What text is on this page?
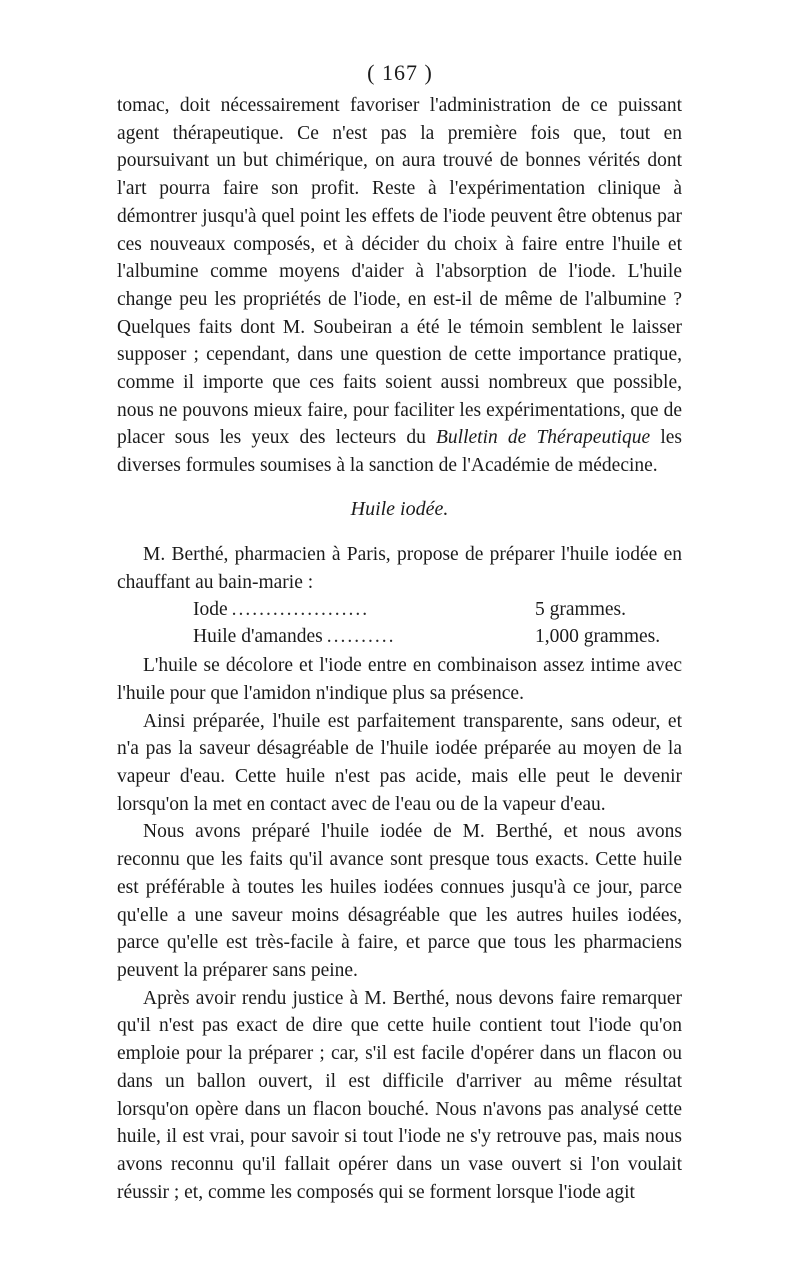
( 167 )

tomac, doit nécessairement favoriser l'administration de ce puissant agent thérapeutique. Ce n'est pas la première fois que, tout en poursuivant un but chimérique, on aura trouvé de bonnes vérités dont l'art pourra faire son profit. Reste à l'expérimentation clinique à démontrer jusqu'à quel point les effets de l'iode peuvent être obtenus par ces nouveaux composés, et à décider du choix à faire entre l'huile et l'albumine comme moyens d'aider à l'absorption de l'iode. L'huile change peu les propriétés de l'iode, en est-il de même de l'albumine ? Quelques faits dont M. Soubeiran a été le témoin semblent le laisser supposer ; cependant, dans une question de cette importance pratique, comme il importe que ces faits soient aussi nombreux que possible, nous ne pouvons mieux faire, pour faciliter les expérimentations, que de placer sous les yeux des lecteurs du Bulletin de Thérapeutique les diverses formules soumises à la sanction de l'Académie de médecine.

Huile iodée.

M. Berthé, pharmacien à Paris, propose de préparer l'huile iodée en chauffant au bain-marie :

Iode ....................	5 grammes.
Huile d'amandes ..........	1,000 grammes.

L'huile se décolore et l'iode entre en combinaison assez intime avec l'huile pour que l'amidon n'indique plus sa présence.

Ainsi préparée, l'huile est parfaitement transparente, sans odeur, et n'a pas la saveur désagréable de l'huile iodée préparée au moyen de la vapeur d'eau. Cette huile n'est pas acide, mais elle peut le devenir lorsqu'on la met en contact avec de l'eau ou de la vapeur d'eau.

Nous avons préparé l'huile iodée de M. Berthé, et nous avons reconnu que les faits qu'il avance sont presque tous exacts. Cette huile est préférable à toutes les huiles iodées connues jusqu'à ce jour, parce qu'elle a une saveur moins désagréable que les autres huiles iodées, parce qu'elle est très-facile à faire, et parce que tous les pharmaciens peuvent la préparer sans peine.

Après avoir rendu justice à M. Berthé, nous devons faire remarquer qu'il n'est pas exact de dire que cette huile contient tout l'iode qu'on emploie pour la préparer ; car, s'il est facile d'opérer dans un flacon ou dans un ballon ouvert, il est difficile d'arriver au même résultat lorsqu'on opère dans un flacon bouché. Nous n'avons pas analysé cette huile, il est vrai, pour savoir si tout l'iode ne s'y retrouve pas, mais nous avons reconnu qu'il fallait opérer dans un vase ouvert si l'on voulait réussir ; et, comme les composés qui se forment lorsque l'iode agit
